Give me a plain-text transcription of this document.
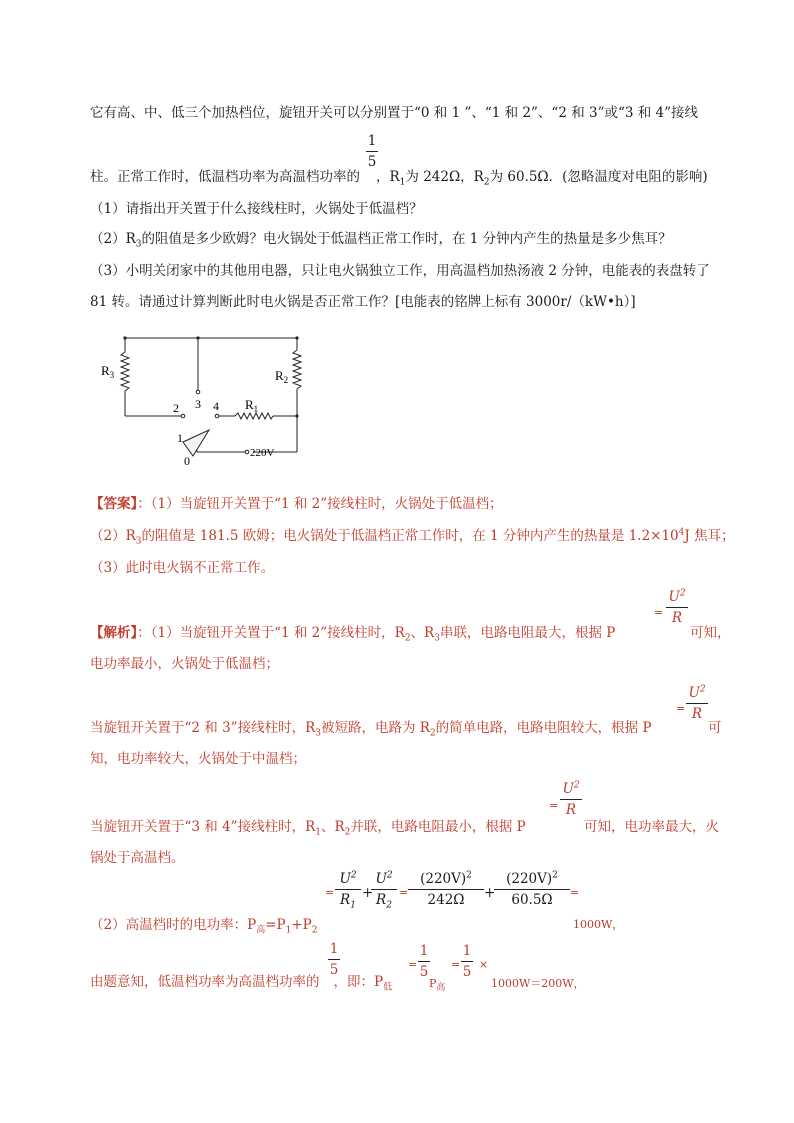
它有高、中、低三个加热档位，旋钮开关可以分别置于“0 和 1 ”、“1 和 2”、“2 和 3”或“3 和 4”接线
1
5
柱。正常工作时，低温档功率为高温档功率的 ，$R_1$为 242Ω，$R_2$为 60.5Ω．(忽略温度对电阻的影响)
（1）请指出开关置于什么接线柱时，火锅处于低温档？
$(2)R_3$的阻值是多少欧姆？电火锅处于低温档正常工作时，在 1 分钟内产生的热量是多少焦耳？
（3）小明关闭家中的其他用电器，只让电火锅独立工作，用高温档加热汤液 2 分钟，电能表的表盘转了
81 转。请通过计算判断此时电火锅是否正常工作？[电能表的铭牌上标有 3000r/（kW•h）]
$R_3$	$R_2$
$R_1$
2 3 4
1
0
220V
【答案】：（1）当旋钮开关置于“1 和 2”接线柱时，火锅处于低温档；
$(2)R_3$的阻值是 181.5 欧姆；电火锅处于低温档正常工作时，在 1 分钟内产生的热量是 $1.2\times 10^4J$ 焦耳；
（3）此时电火锅不正常工作。
【解析】：（1）当旋钮开关置于“1 和 2”接线柱时，$R_2$、$R_3$串联，电路电阻最大，根据 P
=
$U^2$
R
可知，
电功率最小，火锅处于低温档；
当旋钮开关置于“2 和 3”接线柱时，$R_3$被短路，电路为 $R_2$的简单电路，电路电阻较大，根据 P
=
$U^2$
R
可
知，电功率较大，火锅处于中温档；
当旋钮开关置于“3 和 4”接线柱时，$R_1$、$R_2$并联，电路电阻最小，根据 P
=
$U^2$
R
可知，电功率最大，火
锅处于高温档。
（2）高温档时的电功率：$P_高=P_1+P_2$
=
$U^2$
$R_1$
+
$U^2$
$R_2$
=
$(220V)^2$
242Ω	+
$(220V)^2$
60.5Ω	=
1000W，
1
5
由题意知，低温档功率为高温档功率的 ，即：$P_低$
=
1
5
$P_高$
=
1
5 ×
1000W＝200W，
